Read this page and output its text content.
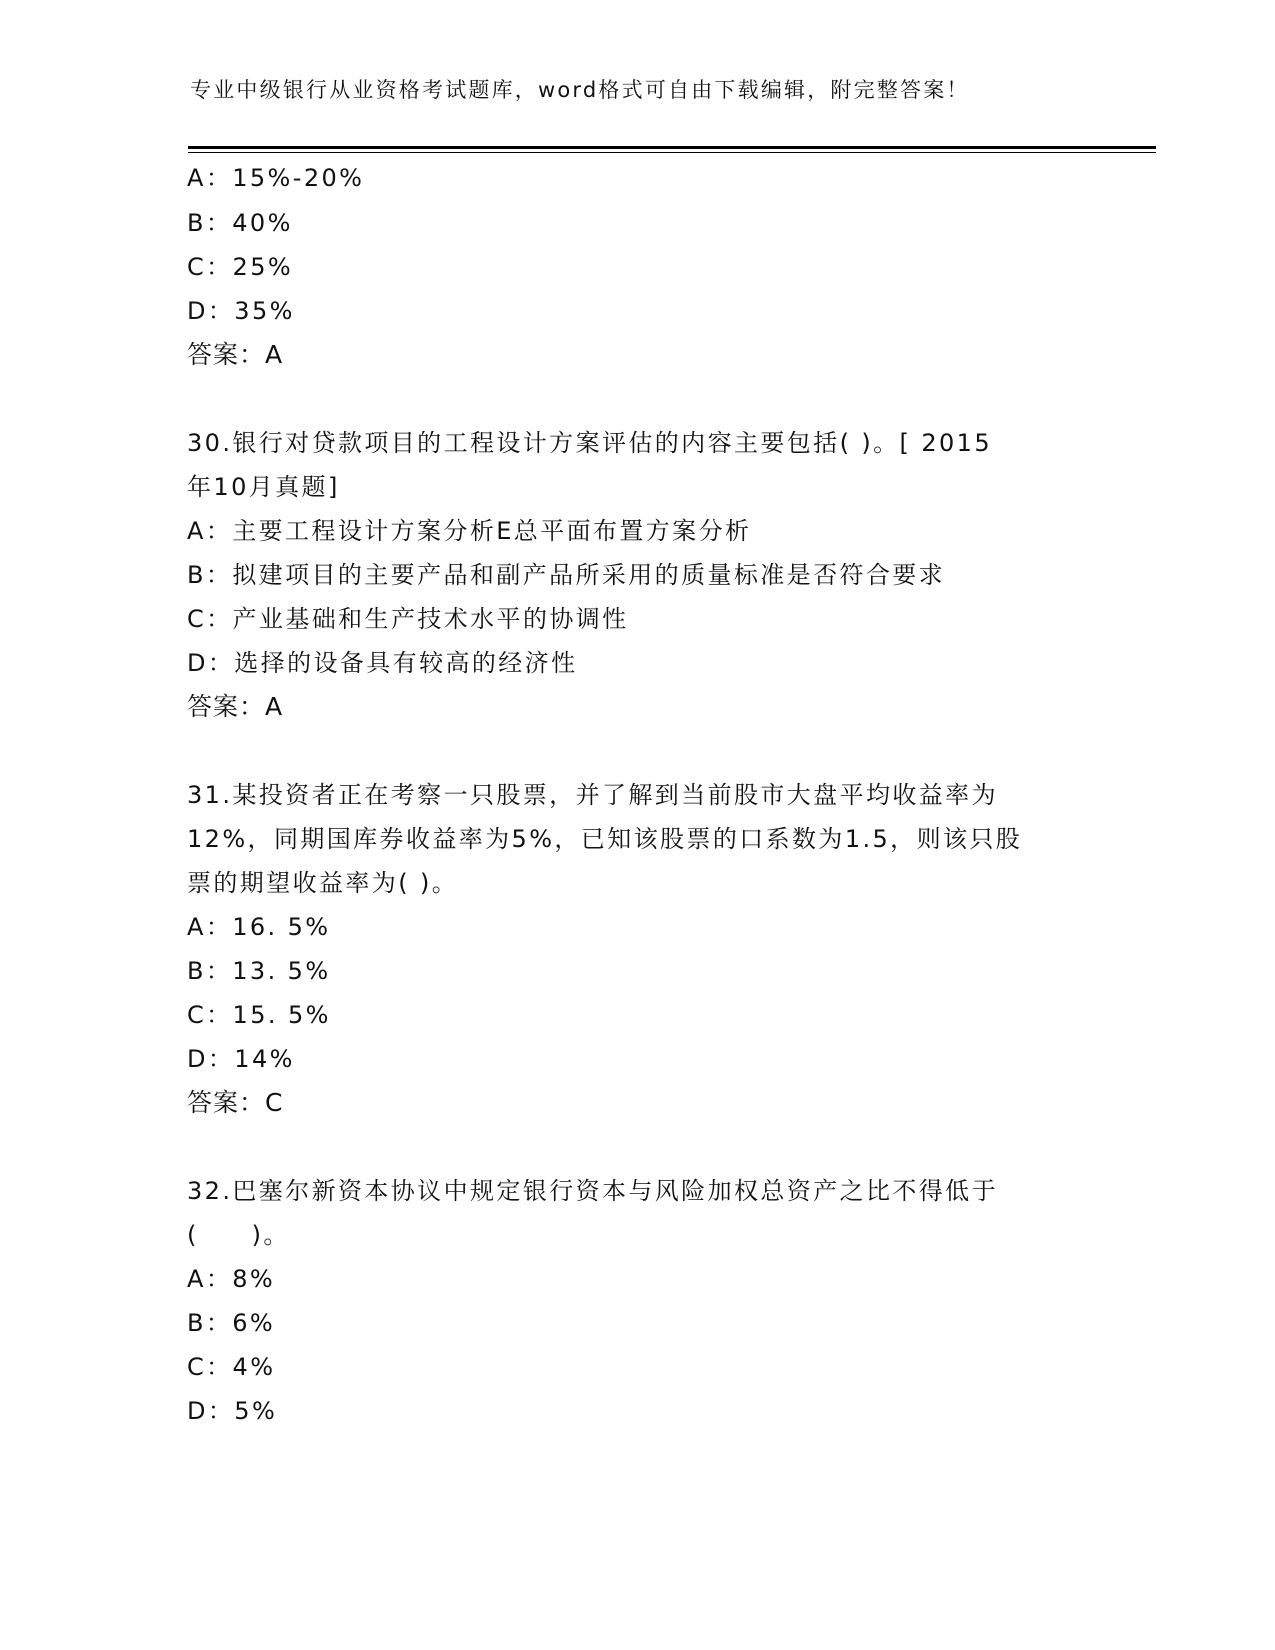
专业中级银行从业资格考试题库，word格式可自由下载编辑，附完整答案！
A：15%-20%
B：40%
C：25%
D：35%
答案：A
30.银行对贷款项目的工程设计方案评估的内容主要包括( )。[ 2015
年10月真题]
A：主要工程设计方案分析E总平面布置方案分析
B：拟建项目的主要产品和副产品所采用的质量标准是否符合要求
C：产业基础和生产技术水平的协调性
D：选择的设备具有较高的经济性
答案：A
31.某投资者正在考察一只股票，并了解到当前股市大盘平均收益率为
12%，同期国库券收益率为5%，已知该股票的口系数为1.5，则该只股
票的期望收益率为( )。
A：16. 5%
B：13. 5%
C：15. 5%
D：14%
答案：C
32.巴塞尔新资本协议中规定银行资本与风险加权总资产之比不得低于
(　　)。
A：8%
B：6%
C：4%
D：5%
